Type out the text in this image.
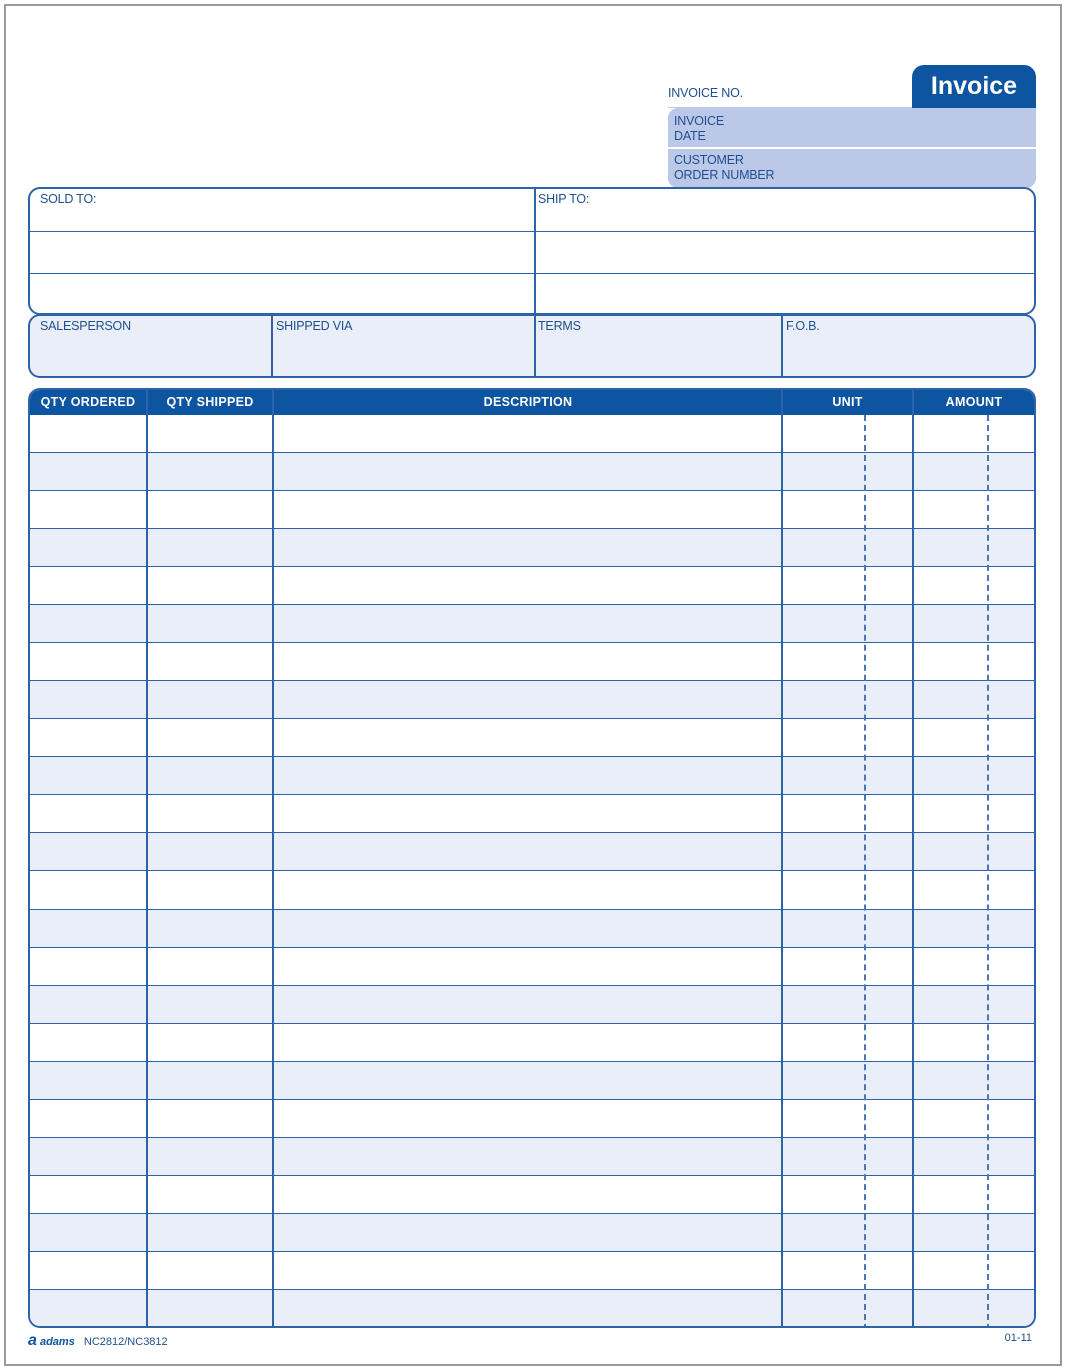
Invoice
INVOICE NO.
INVOICE
DATE
CUSTOMER
ORDER NUMBER
SOLD TO:	SHIP TO:
SALESPERSON	SHIPPED VIA	TERMS	F.O.B.
QTY ORDERED	QTY SHIPPED	DESCRIPTION	UNIT	AMOUNT
a adams NC2812/NC3812	01-11
